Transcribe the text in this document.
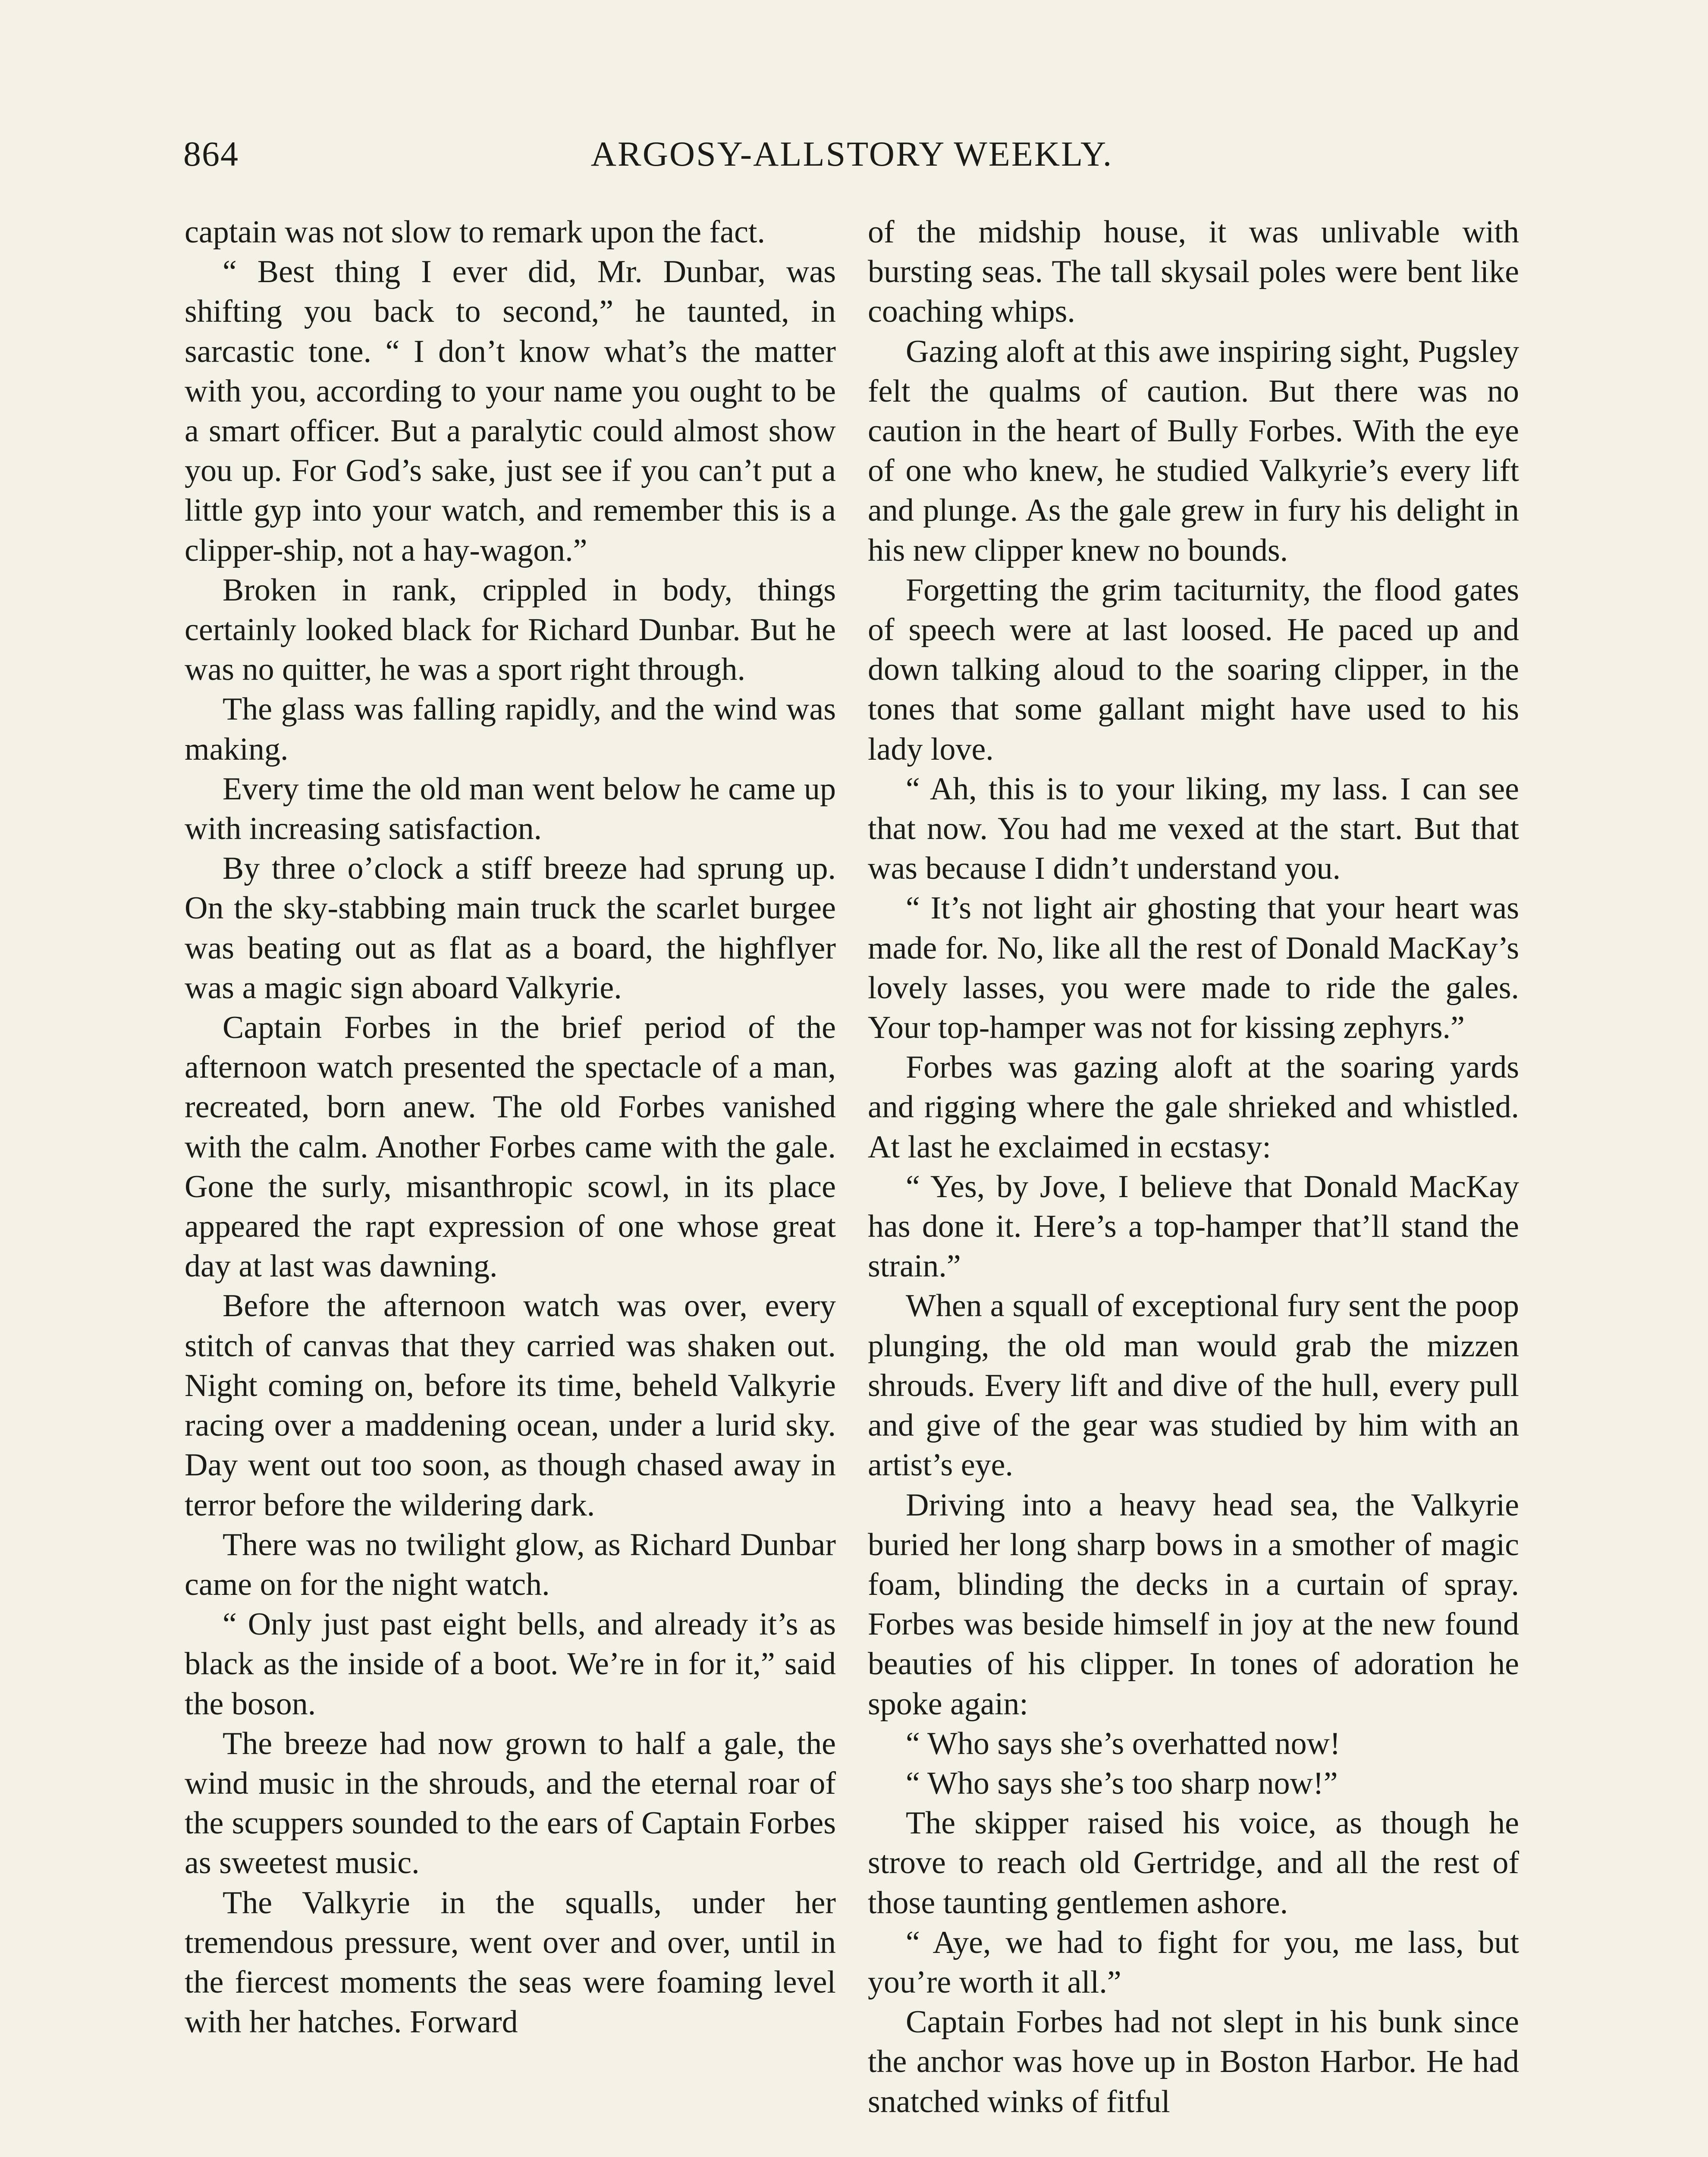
864	ARGOSY-ALLSTORY WEEKLY.

captain was not slow to remark upon the fact.

“ Best thing I ever did, Mr. Dunbar, was shifting you back to second,” he taunted, in sarcastic tone. “ I don’t know what’s the matter with you, according to your name you ought to be a smart officer. But a paralytic could almost show you up. For God’s sake, just see if you can’t put a little gyp into your watch, and remember this is a clipper-ship, not a hay-wagon.”

Broken in rank, crippled in body, things certainly looked black for Richard Dunbar. But he was no quitter, he was a sport right through.

The glass was falling rapidly, and the wind was making.

Every time the old man went below he came up with increasing satisfaction.

By three o’clock a stiff breeze had sprung up. On the sky-stabbing main truck the scarlet burgee was beating out as flat as a board, the highflyer was a magic sign aboard Valkyrie.

Captain Forbes in the brief period of the afternoon watch presented the spectacle of a man, recreated, born anew. The old Forbes vanished with the calm. Another Forbes came with the gale. Gone the surly, misanthropic scowl, in its place appeared the rapt expression of one whose great day at last was dawning.

Before the afternoon watch was over, every stitch of canvas that they carried was shaken out. Night coming on, before its time, beheld Valkyrie racing over a maddening ocean, under a lurid sky. Day went out too soon, as though chased away in terror before the wildering dark.

There was no twilight glow, as Richard Dunbar came on for the night watch.

“ Only just past eight bells, and already it’s as black as the inside of a boot. We’re in for it,” said the boson.

The breeze had now grown to half a gale, the wind music in the shrouds, and the eternal roar of the scuppers sounded to the ears of Captain Forbes as sweetest music.

The Valkyrie in the squalls, under her tremendous pressure, went over and over, until in the fiercest moments the seas were foaming level with her hatches. Forward

of the midship house, it was unlivable with bursting seas. The tall skysail poles were bent like coaching whips.

Gazing aloft at this awe inspiring sight, Pugsley felt the qualms of caution. But there was no caution in the heart of Bully Forbes. With the eye of one who knew, he studied Valkyrie’s every lift and plunge. As the gale grew in fury his delight in his new clipper knew no bounds.

Forgetting the grim taciturnity, the flood gates of speech were at last loosed. He paced up and down talking aloud to the soaring clipper, in the tones that some gallant might have used to his lady love.

“ Ah, this is to your liking, my lass. I can see that now. You had me vexed at the start. But that was because I didn’t understand you.

“ It’s not light air ghosting that your heart was made for. No, like all the rest of Donald MacKay’s lovely lasses, you were made to ride the gales. Your top-hamper was not for kissing zephyrs.”

Forbes was gazing aloft at the soaring yards and rigging where the gale shrieked and whistled. At last he exclaimed in ecstasy:

“ Yes, by Jove, I believe that Donald MacKay has done it. Here’s a top-hamper that’ll stand the strain.”

When a squall of exceptional fury sent the poop plunging, the old man would grab the mizzen shrouds. Every lift and dive of the hull, every pull and give of the gear was studied by him with an artist’s eye.

Driving into a heavy head sea, the Valkyrie buried her long sharp bows in a smother of magic foam, blinding the decks in a curtain of spray. Forbes was beside himself in joy at the new found beauties of his clipper. In tones of adoration he spoke again:

“ Who says she’s overhatted now!

“ Who says she’s too sharp now!”

The skipper raised his voice, as though he strove to reach old Gertridge, and all the rest of those taunting gentlemen ashore.

“ Aye, we had to fight for you, me lass, but you’re worth it all.”

Captain Forbes had not slept in his bunk since the anchor was hove up in Boston Harbor. He had snatched winks of fitful
